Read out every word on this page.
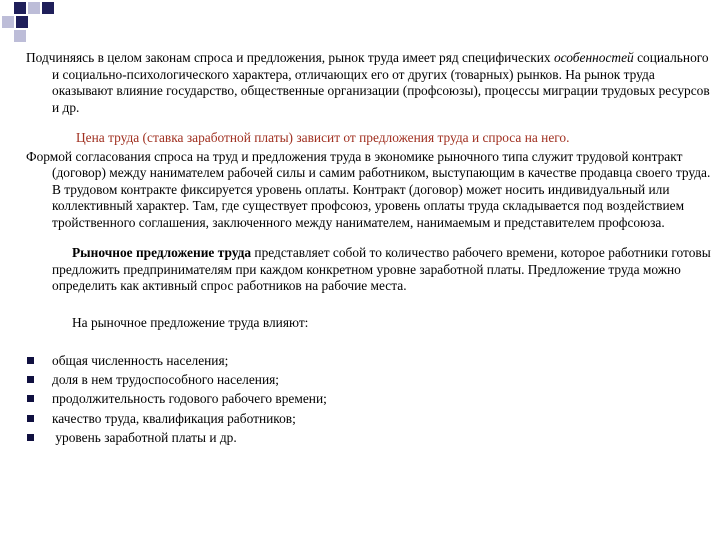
Подчиняясь в целом законам спроса и предложения, рынок труда имеет ряд специфических особенностей социального и социально-психологического характера, отличающих его от других (товарных) рынков. На рынок труда оказывают влияние государство, общественные организации (профсоюзы), процессы миграции трудовых ресурсов и др.

Цена труда (ставка заработной платы) зависит от предложения труда и спроса на него.

Формой согласования спроса на труд и предложения труда в экономике рыночного типа служит трудовой контракт (договор) между нанимателем рабочей силы и самим работником, выступающим в качестве продавца своего труда. В трудовом контракте фиксируется уровень оплаты. Контракт (договор) может носить индивидуальный или коллективный характер. Там, где существует профсоюз, уровень оплаты труда складывается под воздействием тройственного соглашения, заключенного между нанимателем, нанимаемым и представителем профсоюза.

Рыночное предложение труда представляет собой то количество рабочего времени, которое работники готовы предложить предпринимателям при каждом конкретном уровне заработной платы. Предложение труда можно определить как активный спрос работников на рабочие места.

На рыночное предложение труда влияют:

общая численность населения;
доля в нем трудоспособного населения;
продолжительность годового рабочего времени;
качество труда, квалификация работников;
уровень заработной платы и др.
